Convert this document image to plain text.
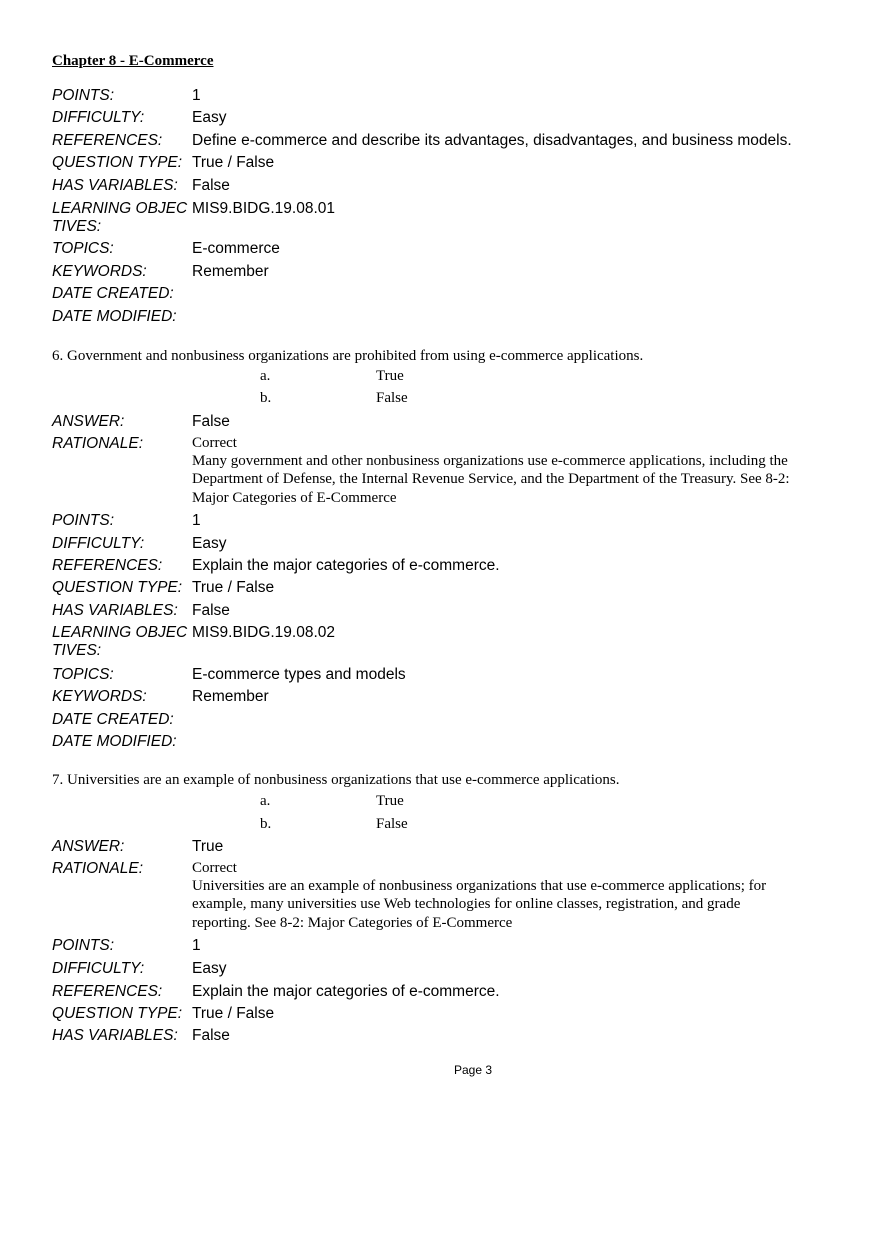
Chapter 8 - E-Commerce
POINTS:	1
DIFFICULTY:	Easy
REFERENCES:	Define e-commerce and describe its advantages, disadvantages, and business models.
QUESTION TYPE: True / False
HAS VARIABLES: False
LEARNING OBJEC
TIVES:
MIS9.BIDG.19.08.01
TOPICS:	E-commerce
KEYWORDS:	Remember
DATE CREATED:
DATE MODIFIED:
6. Government and nonbusiness organizations are prohibited from using e-commerce applications.
a.	True
b.	False
ANSWER:	False
RATIONALE:	Correct
Many government and other nonbusiness organizations use e-commerce applications, including the
Department of Defense, the Internal Revenue Service, and the Department of the Treasury. See 8-2:
Major Categories of E-Commerce
POINTS:	1
DIFFICULTY:	Easy
REFERENCES:	Explain the major categories of e-commerce.
QUESTION TYPE: True / False
HAS VARIABLES: False
LEARNING OBJEC
TIVES:
MIS9.BIDG.19.08.02
TOPICS:	E-commerce types and models
KEYWORDS:	Remember
DATE CREATED:
DATE MODIFIED:
7. Universities are an example of nonbusiness organizations that use e-commerce applications.
a.	True
b.	False
ANSWER:	True
RATIONALE:	Correct
Universities are an example of nonbusiness organizations that use e-commerce applications; for
example, many universities use Web technologies for online classes, registration, and grade
reporting. See 8-2: Major Categories of E-Commerce
POINTS:	1
DIFFICULTY:	Easy
REFERENCES:	Explain the major categories of e-commerce.
QUESTION TYPE: True / False
HAS VARIABLES: False
Page 3
